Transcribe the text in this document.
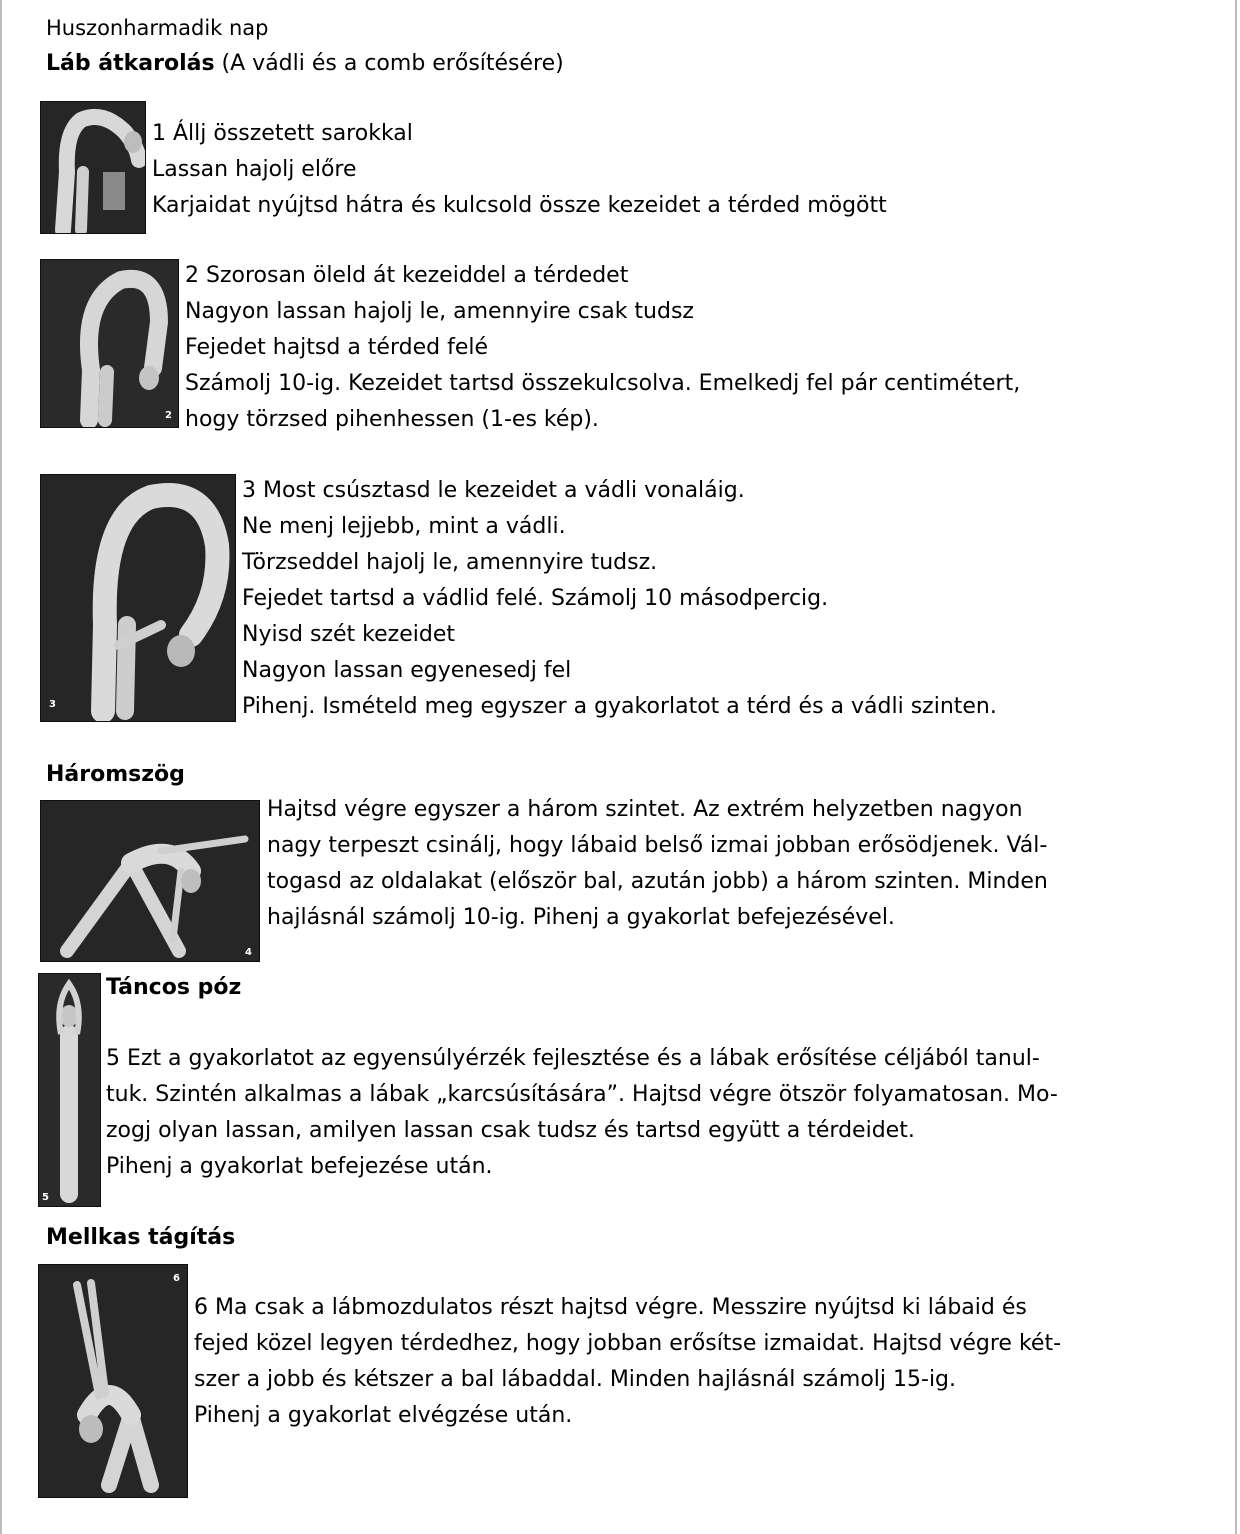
Huszonharmadik nap
Láb átkarolás (A vádli és a comb erősítésére)
1 Állj összetett sarokkal
Lassan hajolj előre
Karjaidat nyújtsd hátra és kulcsold össze kezeidet a térded mögött
2
2 Szorosan öleld át kezeiddel a térdedet
Nagyon lassan hajolj le, amennyire csak tudsz
Fejedet hajtsd a térded felé
Számolj 10-ig. Kezeidet tartsd összekulcsolva. Emelkedj fel pár centimétert,
hogy törzsed pihenhessen (1-es kép).
3
3 Most csúsztasd le kezeidet a vádli vonaláig.
Ne menj lejjebb, mint a vádli.
Törzseddel hajolj le, amennyire tudsz.
Fejedet tartsd a vádlid felé. Számolj 10 másodpercig.
Nyisd szét kezeidet
Nagyon lassan egyenesedj fel
Pihenj. Ismételd meg egyszer a gyakorlatot a térd és a vádli szinten.
Háromszög
4
Hajtsd végre egyszer a három szintet. Az extrém helyzetben nagyon
nagy terpeszt csinálj, hogy lábaid belső izmai jobban erősödjenek. Vál-
togasd az oldalakat (először bal, azután jobb) a három szinten. Minden
hajlásnál számolj 10-ig. Pihenj a gyakorlat befejezésével.
5
Táncos póz
5 Ezt a gyakorlatot az egyensúlyérzék fejlesztése és a lábak erősítése céljából tanul-
tuk. Szintén alkalmas a lábak „karcsúsítására”. Hajtsd végre ötször folyamatosan. Mo-
zogj olyan lassan, amilyen lassan csak tudsz és tartsd együtt a térdeidet.
Pihenj a gyakorlat befejezése után.
Mellkas tágítás
6
6 Ma csak a lábmozdulatos részt hajtsd végre. Messzire nyújtsd ki lábaid és
fejed közel legyen térdedhez, hogy jobban erősítse izmaidat. Hajtsd végre két-
szer a jobb és kétszer a bal lábaddal. Minden hajlásnál számolj 15-ig.
Pihenj a gyakorlat elvégzése után.
